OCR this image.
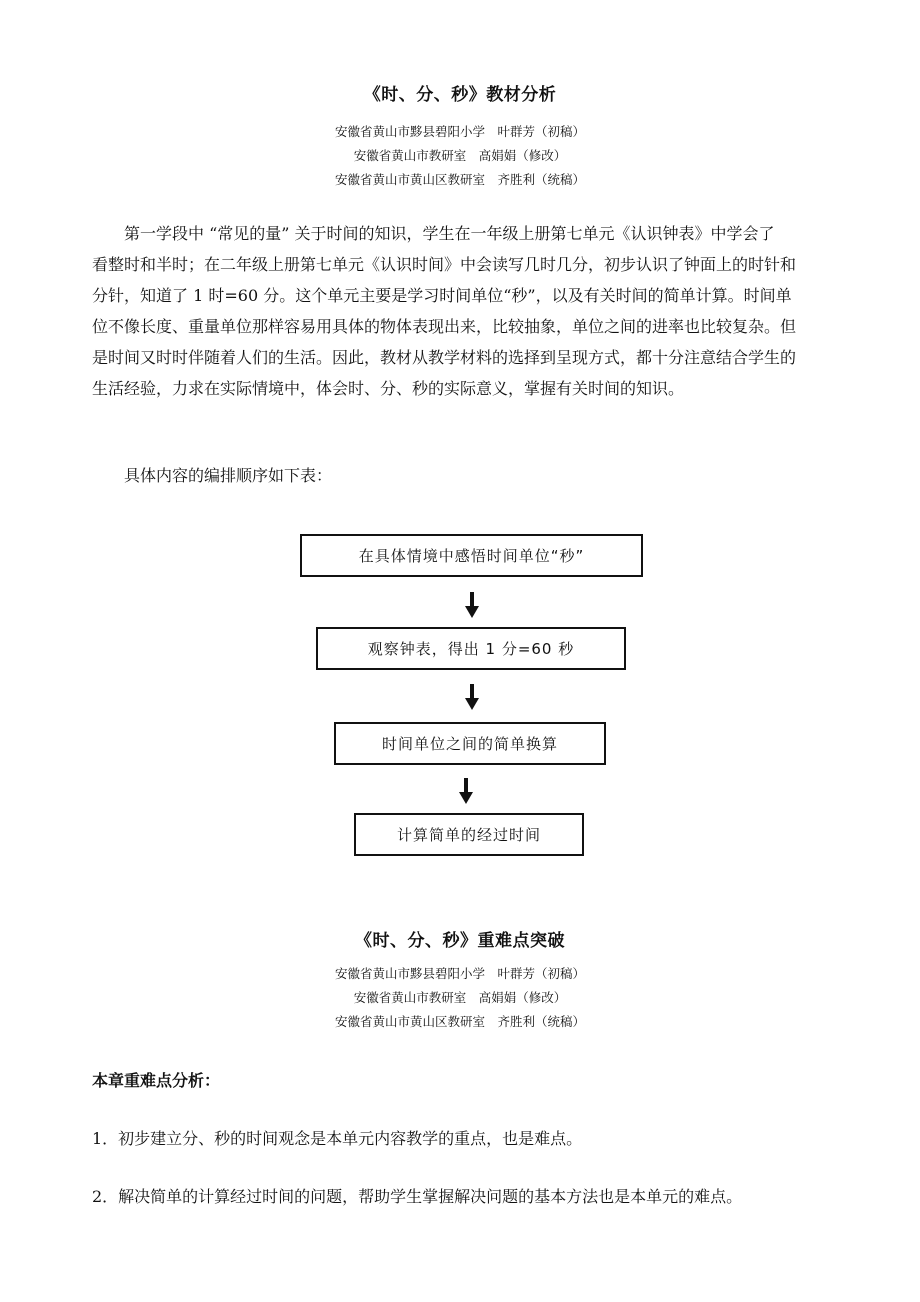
《时、分、秒》教材分析
安徽省黄山市黟县碧阳小学　叶群芳（初稿）
安徽省黄山市教研室　高娟娟（修改）
安徽省黄山市黄山区教研室　齐胜利（统稿）
　　第一学段中 “常见的量” 关于时间的知识，学生在一年级上册第七单元《认识钟表》中学会了
看整时和半时；在二年级上册第七单元《认识时间》中会读写几时几分，初步认识了钟面上的时针和
分针，知道了 1 时=60 分。这个单元主要是学习时间单位“秒”，以及有关时间的简单计算。时间单
位不像长度、重量单位那样容易用具体的物体表现出来，比较抽象，单位之间的进率也比较复杂。但
是时间又时时伴随着人们的生活。因此，教材从教学材料的选择到呈现方式，都十分注意结合学生的
生活经验，力求在实际情境中，体会时、分、秒的实际意义，掌握有关时间的知识。
　　具体内容的编排顺序如下表：
在具体情境中感悟时间单位“秒”
观察钟表，得出 1 分=60 秒
时间单位之间的简单换算
计算简单的经过时间
《时、分、秒》重难点突破
安徽省黄山市黟县碧阳小学　叶群芳（初稿）
安徽省黄山市教研室　高娟娟（修改）
安徽省黄山市黄山区教研室　齐胜利（统稿）
本章重难点分析：
1．初步建立分、秒的时间观念是本单元内容教学的重点，也是难点。
2．解决简单的计算经过时间的问题，帮助学生掌握解决问题的基本方法也是本单元的难点。
